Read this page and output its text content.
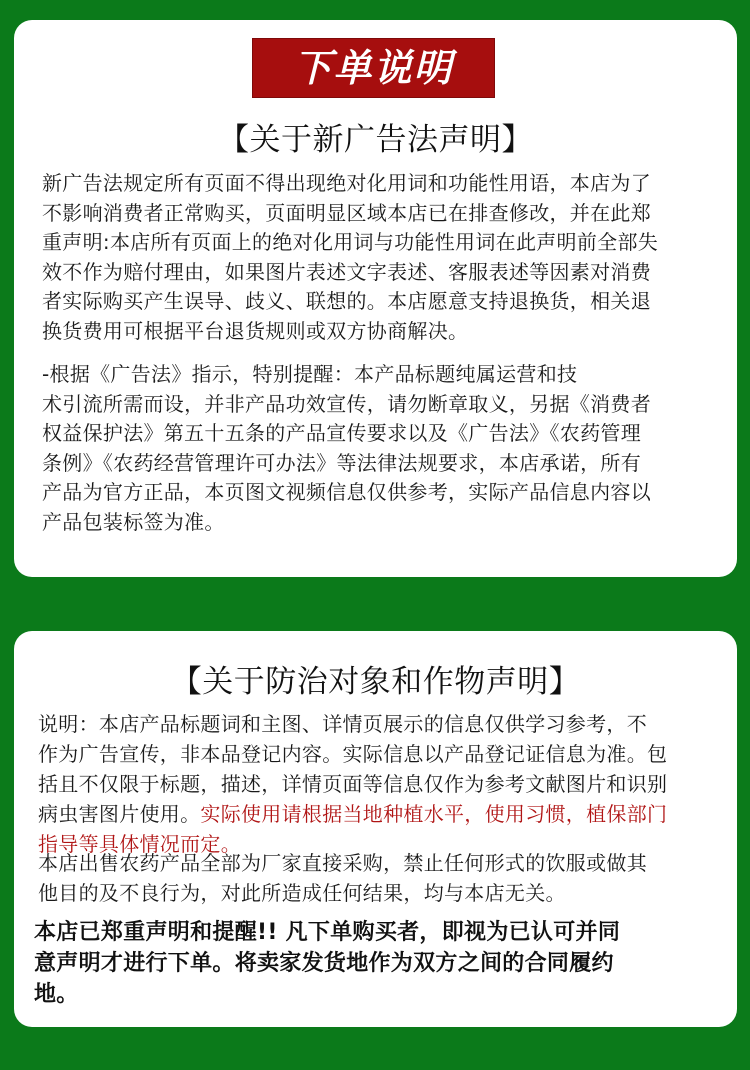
下单说明
【关于新广告法声明】

新广告法规定所有页面不得出现绝对化用词和功能性用语，本店为了
不影响消费者正常购买，页面明显区域本店已在排查修改，并在此郑
重声明:本店所有页面上的绝对化用词与功能性用词在此声明前全部失
效不作为赔付理由，如果图片表述文字表述、客服表述等因素对消费
者实际购买产生误导、歧义、联想的。本店愿意支持退换货，相关退
换货费用可根据平台退货规则或双方协商解决。

-根据《广告法》指示，特别提醒：本产品标题纯属运营和技
术引流所需而设，并非产品功效宣传，请勿断章取义，另据《消费者
权益保护法》第五十五条的产品宣传要求以及《广告法》《农药管理
条例》《农药经营管理许可办法》等法律法规要求，本店承诺，所有
产品为官方正品，本页图文视频信息仅供参考，实际产品信息内容以
产品包装标签为准。

【关于防治对象和作物声明】

说明：本店产品标题词和主图、详情页展示的信息仅供学习参考，不
作为广告宣传，非本品登记内容。实际信息以产品登记证信息为准。包
括且不仅限于标题，描述，详情页面等信息仅作为参考文献图片和识别
病虫害图片使用。实际使用请根据当地种植水平，使用习惯，植保部门
指导等具体情况而定。

本店出售农药产品全部为厂家直接采购，禁止任何形式的饮服或做其
他目的及不良行为，对此所造成任何结果，均与本店无关。

本店已郑重声明和提醒!! 凡下单购买者，即视为已认可并同
意声明才进行下单。将卖家发货地作为双方之间的合同履约
地。
